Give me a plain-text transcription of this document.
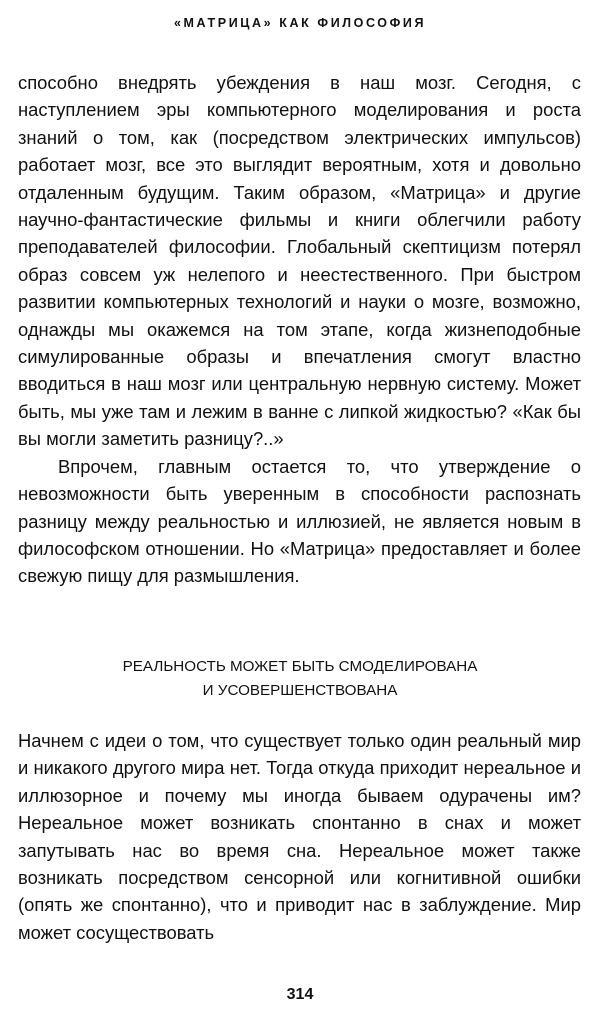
«МАТРИЦА» КАК ФИЛОСОФИЯ

способно внедрять убеждения в наш мозг. Сегодня, с наступлением эры компьютерного моделирования и роста знаний о том, как (посредством электрических импульсов) работает мозг, все это выглядит вероятным, хотя и довольно отдаленным будущим. Таким образом, «Матрица» и другие научно-фантастические фильмы и книги облегчили работу преподавателей философии. Глобальный скептицизм потерял образ совсем уж нелепого и неестественного. При быстром развитии компьютерных технологий и науки о мозге, возможно, однажды мы окажемся на том этапе, когда жизнеподобные симулированные образы и впечатления смогут властно вводиться в наш мозг или центральную нервную систему. Может быть, мы уже там и лежим в ванне с липкой жидкостью? «Как бы вы могли заметить разницу?..»

Впрочем, главным остается то, что утверждение о невозможности быть уверенным в способности распознать разницу между реальностью и иллюзией, не является новым в философском отношении. Но «Матрица» предоставляет и более свежую пищу для размышления.

РЕАЛЬНОСТЬ МОЖЕТ БЫТЬ СМОДЕЛИРОВАНА
И УСОВЕРШЕНСТВОВАНА

Начнем с идеи о том, что существует только один реальный мир и никакого другого мира нет. Тогда откуда приходит нереальное и иллюзорное и почему мы иногда бываем одурачены им? Нереальное может возникать спонтанно в снах и может запутывать нас во время сна. Нереальное может также возникать посредством сенсорной или когнитивной ошибки (опять же спонтанно), что и приводит нас в заблуждение. Мир может сосуществовать

314
